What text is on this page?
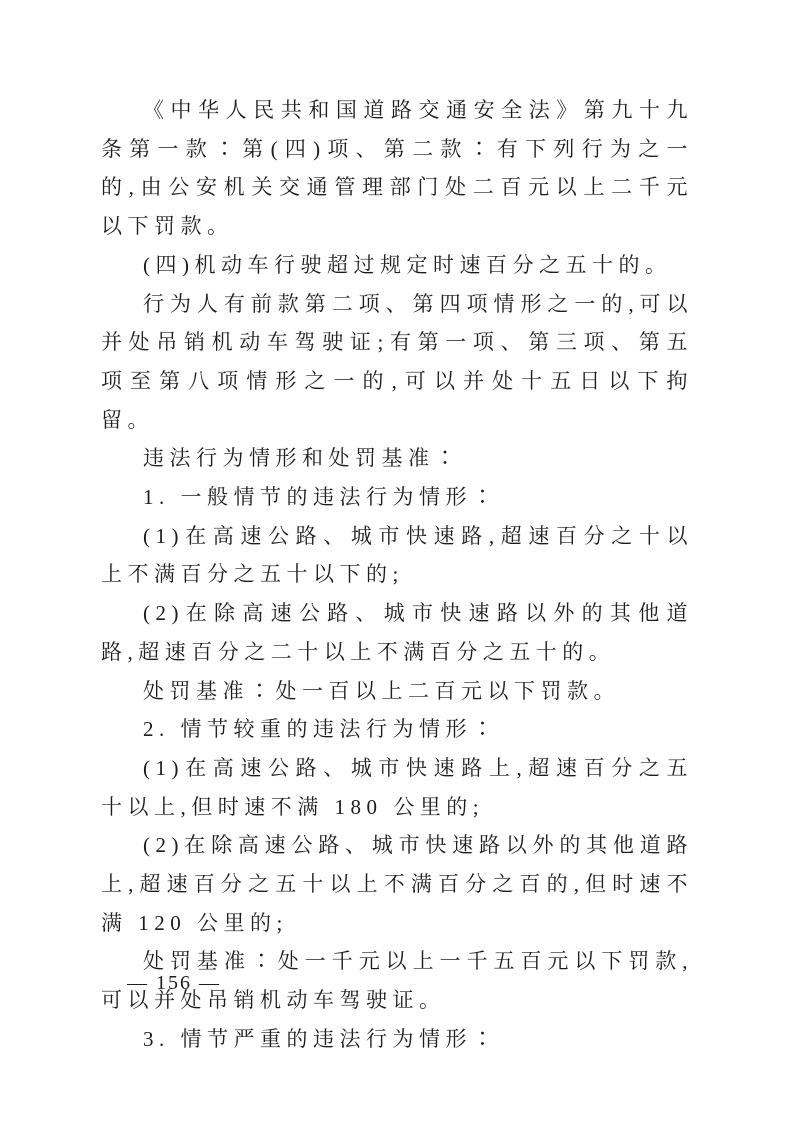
《中华人民共和国道路交通安全法》第九十九条第一款∶第(四)项、第二款∶有下列行为之一的,由公安机关交通管理部门处二百元以上二千元以下罚款。

(四)机动车行驶超过规定时速百分之五十的。

行为人有前款第二项、第四项情形之一的,可以并处吊销机动车驾驶证;有第一项、第三项、第五项至第八项情形之一的,可以并处十五日以下拘留。

违法行为情形和处罚基准∶

1. 一般情节的违法行为情形∶

(1)在高速公路、城市快速路,超速百分之十以上不满百分之五十以下的;

(2)在除高速公路、城市快速路以外的其他道路,超速百分之二十以上不满百分之五十的。

处罚基准∶处一百以上二百元以下罚款。

2. 情节较重的违法行为情形∶

(1)在高速公路、城市快速路上,超速百分之五十以上,但时速不满 180 公里的;

(2)在除高速公路、城市快速路以外的其他道路上,超速百分之五十以上不满百分之百的,但时速不满 120 公里的;

处罚基准∶处一千元以上一千五百元以下罚款,可以并处吊销机动车驾驶证。

3. 情节严重的违法行为情形∶

— 156 —
